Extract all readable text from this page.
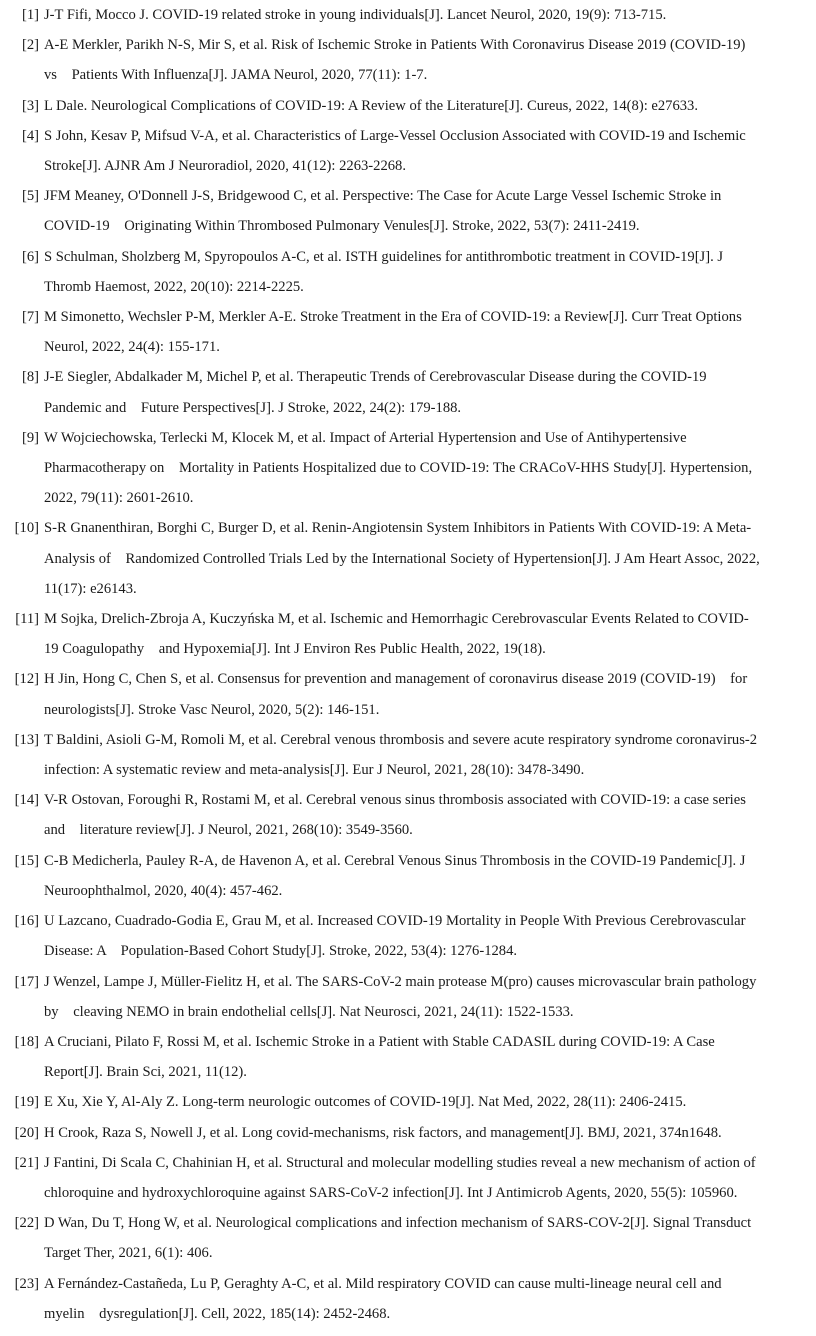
[1] J-T Fifi, Mocco J. COVID-19 related stroke in young individuals[J]. Lancet Neurol, 2020, 19(9): 713-715.
[2] A-E Merkler, Parikh N-S, Mir S, et al. Risk of Ischemic Stroke in Patients With Coronavirus Disease 2019 (COVID-19)
vs    Patients With Influenza[J]. JAMA Neurol, 2020, 77(11): 1-7.
[3] L Dale. Neurological Complications of COVID-19: A Review of the Literature[J]. Cureus, 2022, 14(8): e27633.
[4] S John, Kesav P, Mifsud V-A, et al. Characteristics of Large-Vessel Occlusion Associated with COVID-19 and Ischemic
Stroke[J]. AJNR Am J Neuroradiol, 2020, 41(12): 2263-2268.
[5] JFM Meaney, O'Donnell J-S, Bridgewood C, et al. Perspective: The Case for Acute Large Vessel Ischemic Stroke in
COVID-19    Originating Within Thrombosed Pulmonary Venules[J]. Stroke, 2022, 53(7): 2411-2419.
[6] S Schulman, Sholzberg M, Spyropoulos A-C, et al. ISTH guidelines for antithrombotic treatment in COVID-19[J]. J
Thromb Haemost, 2022, 20(10): 2214-2225.
[7] M Simonetto, Wechsler P-M, Merkler A-E. Stroke Treatment in the Era of COVID-19: a Review[J]. Curr Treat Options
Neurol, 2022, 24(4): 155-171.
[8] J-E Siegler, Abdalkader M, Michel P, et al. Therapeutic Trends of Cerebrovascular Disease during the COVID-19
Pandemic and    Future Perspectives[J]. J Stroke, 2022, 24(2): 179-188.
[9] W Wojciechowska, Terlecki M, Klocek M, et al. Impact of Arterial Hypertension and Use of Antihypertensive
Pharmacotherapy on    Mortality in Patients Hospitalized due to COVID-19: The CRACoV-HHS Study[J]. Hypertension,
2022, 79(11): 2601-2610.
[10] S-R Gnanenthiran, Borghi C, Burger D, et al. Renin-Angiotensin System Inhibitors in Patients With COVID-19: A Meta-
Analysis of    Randomized Controlled Trials Led by the International Society of Hypertension[J]. J Am Heart Assoc, 2022,
11(17): e26143.
[11] M Sojka, Drelich-Zbroja A, Kuczyńska M, et al. Ischemic and Hemorrhagic Cerebrovascular Events Related to COVID-
19 Coagulopathy    and Hypoxemia[J]. Int J Environ Res Public Health, 2022, 19(18).
[12] H Jin, Hong C, Chen S, et al. Consensus for prevention and management of coronavirus disease 2019 (COVID-19)    for
neurologists[J]. Stroke Vasc Neurol, 2020, 5(2): 146-151.
[13] T Baldini, Asioli G-M, Romoli M, et al. Cerebral venous thrombosis and severe acute respiratory syndrome coronavirus-2
infection: A systematic review and meta-analysis[J]. Eur J Neurol, 2021, 28(10): 3478-3490.
[14] V-R Ostovan, Foroughi R, Rostami M, et al. Cerebral venous sinus thrombosis associated with COVID-19: a case series
and    literature review[J]. J Neurol, 2021, 268(10): 3549-3560.
[15] C-B Medicherla, Pauley R-A, de Havenon A, et al. Cerebral Venous Sinus Thrombosis in the COVID-19 Pandemic[J]. J
Neuroophthalmol, 2020, 40(4): 457-462.
[16] U Lazcano, Cuadrado-Godia E, Grau M, et al. Increased COVID-19 Mortality in People With Previous Cerebrovascular
Disease: A    Population-Based Cohort Study[J]. Stroke, 2022, 53(4): 1276-1284.
[17] J Wenzel, Lampe J, Müller-Fielitz H, et al. The SARS-CoV-2 main protease M(pro) causes microvascular brain pathology
by    cleaving NEMO in brain endothelial cells[J]. Nat Neurosci, 2021, 24(11): 1522-1533.
[18] A Cruciani, Pilato F, Rossi M, et al. Ischemic Stroke in a Patient with Stable CADASIL during COVID-19: A Case
Report[J]. Brain Sci, 2021, 11(12).
[19] E Xu, Xie Y, Al-Aly Z. Long-term neurologic outcomes of COVID-19[J]. Nat Med, 2022, 28(11): 2406-2415.
[20] H Crook, Raza S, Nowell J, et al. Long covid-mechanisms, risk factors, and management[J]. BMJ, 2021, 374n1648.
[21] J Fantini, Di Scala C, Chahinian H, et al. Structural and molecular modelling studies reveal a new mechanism of action of
chloroquine and hydroxychloroquine against SARS-CoV-2 infection[J]. Int J Antimicrob Agents, 2020, 55(5): 105960.
[22] D Wan, Du T, Hong W, et al. Neurological complications and infection mechanism of SARS-COV-2[J]. Signal Transduct
Target Ther, 2021, 6(1): 406.
[23] A Fernández-Castañeda, Lu P, Geraghty A-C, et al. Mild respiratory COVID can cause multi-lineage neural cell and
myelin    dysregulation[J]. Cell, 2022, 185(14): 2452-2468.
